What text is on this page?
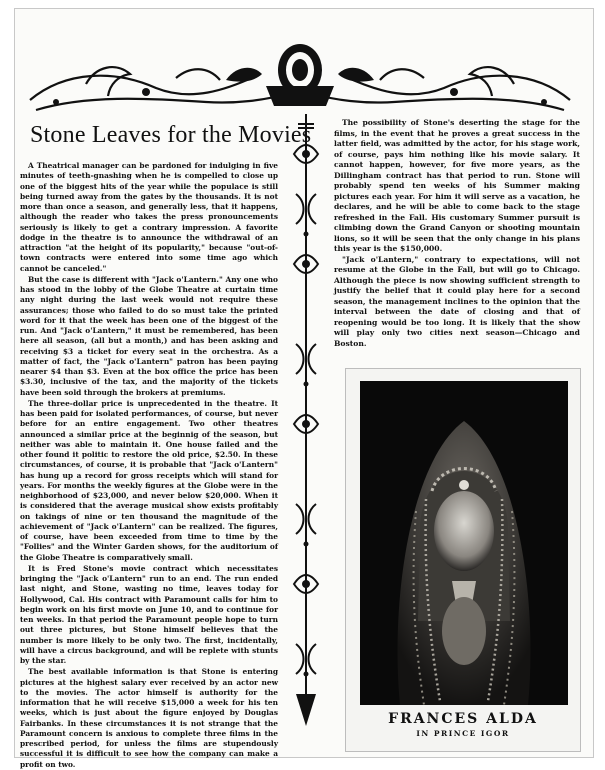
Stone Leaves for the Movies

A Theatrical manager can be pardoned for indulging in five minutes of teeth-gnashing when he is compelled to close up one of the biggest hits of the year while the populace is still being turned away from the gates by the thousands. It is not more than once a season, and generally less, that it happens, although the reader who takes the press pronouncements seriously is likely to get a contrary impression. A favorite dodge in the theatre is to announce the withdrawal of an attraction "at the height of its popularity," because "out-of-town contracts were entered into some time ago which cannot be canceled."

But the case is different with "Jack o'Lantern." Any one who has stood in the lobby of the Globe Theatre at curtain time any night during the last week would not require these assurances; those who failed to do so must take the printed word for it that the week has been one of the biggest of the run. And "Jack o'Lantern," it must be remembered, has been here all season, (all but a month,) and has been asking and receiving $3 a ticket for every seat in the orchestra. As a matter of fact, the "Jack o'Lantern" patron has been paying nearer $4 than $3. Even at the box office the price has been $3.30, inclusive of the tax, and the majority of the tickets have been sold through the brokers at premiums.

The three-dollar price is unprecedented in the theatre. It has been paid for isolated performances, of course, but never before for an entire engagement. Two other theatres announced a similar price at the beginnig of the season, but neither was able to maintain it. One house failed and the other found it politic to restore the old price, $2.50. In these circumstances, of course, it is probable that "Jack o'Lantern" has hung up a record for gross receipts which will stand for years. For months the weekly figures at the Globe were in the neighborhood of $23,000, and never below $20,000. When it is considered that the average musical show exists profitably on takings of nine or ten thousand the magnitude of the achievement of "Jack o'Lantern" can be realized. The figures, of course, have been exceeded from time to time by the "Follies" and the Winter Garden shows, for the auditorium of the Globe Theatre is comparatively small.

It is Fred Stone's movie contract which necessitates bringing the "Jack o'Lantern" run to an end. The run ended last night, and Stone, wasting no time, leaves today for Hollywood, Cal. His contract with Paramount calls for him to begin work on his first movie on June 10, and to continue for ten weeks. In that period the Paramount people hope to turn out three pictures, but Stone himself believes that the number is more likely to be only two. The first, incidentally, will have a circus background, and will be replete with stunts by the star.

The best available information is that Stone is entering pictures at the highest salary ever received by an actor new to the movies. The actor himself is authority for the information that he will receive $15,000 a week for his ten weeks, which is just about the figure enjoyed by Douglas Fairbanks. In these circumstances it is not strange that the Paramount concern is anxious to complete three films in the prescribed period, for unless the films are stupendously successful it is difficult to see how the company can make a profit on two.

The possibility of Stone's deserting the stage for the films, in the event that he proves a great success in the latter field, was admitted by the actor, for his stage work, of course, pays him nothing like his movie salary. It cannot happen, however, for five more years, as the Dillingham contract has that period to run. Stone will probably spend ten weeks of his Summer making pictures each year. For him it will serve as a vacation, he declares, and he will be able to come back to the stage refreshed in the Fall. His customary Summer pursuit is climbing down the Grand Canyon or shooting mountain lions, so it will be seen that the only change in his plans this year is the $150,000.

"Jack o'Lantern," contrary to expectations, will not resume at the Globe in the Fall, but will go to Chicago. Although the piece is now showing sufficient strength to justify the belief that it could play here for a second season, the management inclines to the opinion that the interval between the date of closing and that of reopening would be too long. It is likely that the show will play only two cities next season—Chicago and Boston.

FRANCES ALDA
IN PRINCE IGOR
